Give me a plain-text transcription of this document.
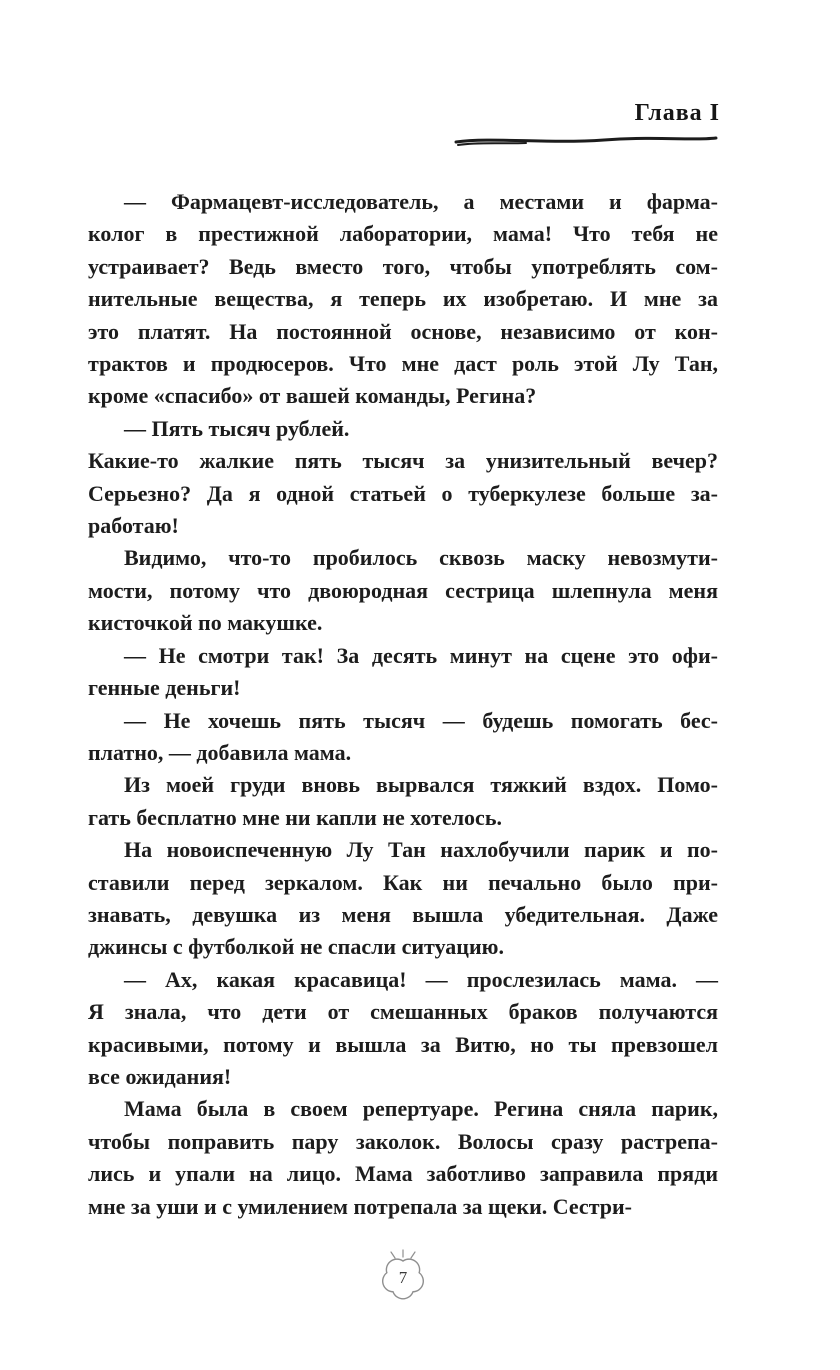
Глава I
— Фармацевт-исследователь, а местами и фарма-
колог в престижной лаборатории, мама! Что тебя не
устраивает? Ведь вместо того, чтобы употреблять сом-
нительные вещества, я теперь их изобретаю. И мне за
это платят. На постоянной основе, независимо от кон-
трактов и продюсеров. Что мне даст роль этой Лу Тан,
кроме «спасибо» от вашей команды, Регина?
— Пять тысяч рублей.
Какие-то жалкие пять тысяч за унизительный вечер?
Серьезно? Да я одной статьей о туберкулезе больше за-
работаю!
Видимо, что-то пробилось сквозь маску невозмути-
мости, потому что двоюродная сестрица шлепнула меня
кисточкой по макушке.
— Не смотри так! За десять минут на сцене это офи-
генные деньги!
— Не хочешь пять тысяч — будешь помогать бес-
платно, — добавила мама.
Из моей груди вновь вырвался тяжкий вздох. Помо-
гать бесплатно мне ни капли не хотелось.
На новоиспеченную Лу Тан нахлобучили парик и по-
ставили перед зеркалом. Как ни печально было при-
знавать, девушка из меня вышла убедительная. Даже
джинсы с футболкой не спасли ситуацию.
— Ах, какая красавица! — прослезилась мама. —
Я знала, что дети от смешанных браков получаются
красивыми, потому и вышла за Витю, но ты превзошел
все ожидания!
Мама была в своем репертуаре. Регина сняла парик,
чтобы поправить пару заколок. Волосы сразу растрепа-
лись и упали на лицо. Мама заботливо заправила пряди
мне за уши и с умилением потрепала за щеки. Сестри-
7
